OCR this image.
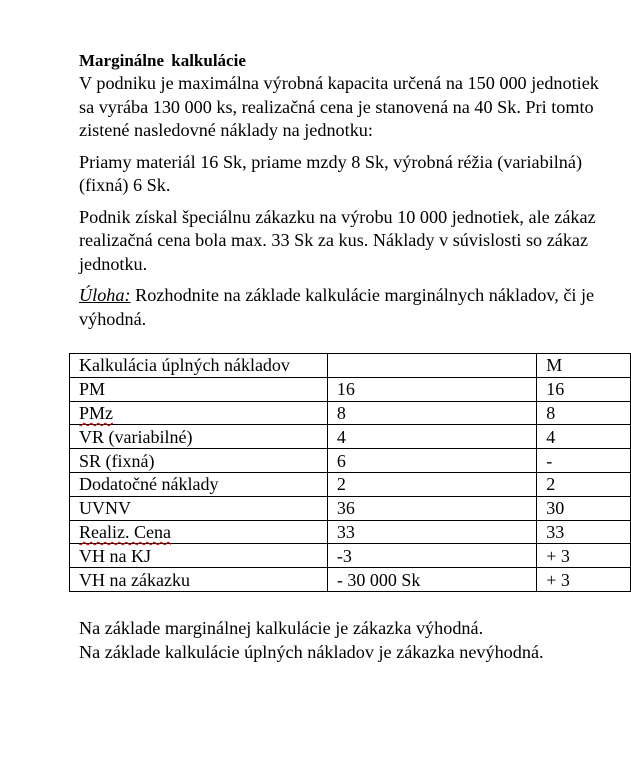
Marginálne kalkulácie
V podniku je maximálna výrobná kapacita určená na 150 000 jednotiek
sa vyrába 130 000 ks, realizačná cena je stanovená na 40 Sk. Pri tomto
zistené nasledovné náklady na jednotku:
Priamy materiál 16 Sk, priame mzdy 8 Sk, výrobná réžia (variabilná)
(fixná) 6 Sk.
Podnik získal špeciálnu zákazku na výrobu 10 000 jednotiek, ale zákaz
realizačná cena bola max. 33 Sk za kus. Náklady v súvislosti so zákaz
jednotku.
Úloha: Rozhodnite na základe kalkulácie marginálnych nákladov, či je
výhodná.
Kalkulácia úplných nákladov		M
PM	16	16
PMz	8	8
VR (variabilné)	4	4
SR (fixná)	6	-
Dodatočné náklady	2	2
UVNV	36	30
Realiz. Cena	33	33
VH na KJ	-3	+ 3
VH na zákazku	- 30 000 Sk	+ 3
Na základe marginálnej kalkulácie je zákazka výhodná.
Na základe kalkulácie úplných nákladov je zákazka nevýhodná.
